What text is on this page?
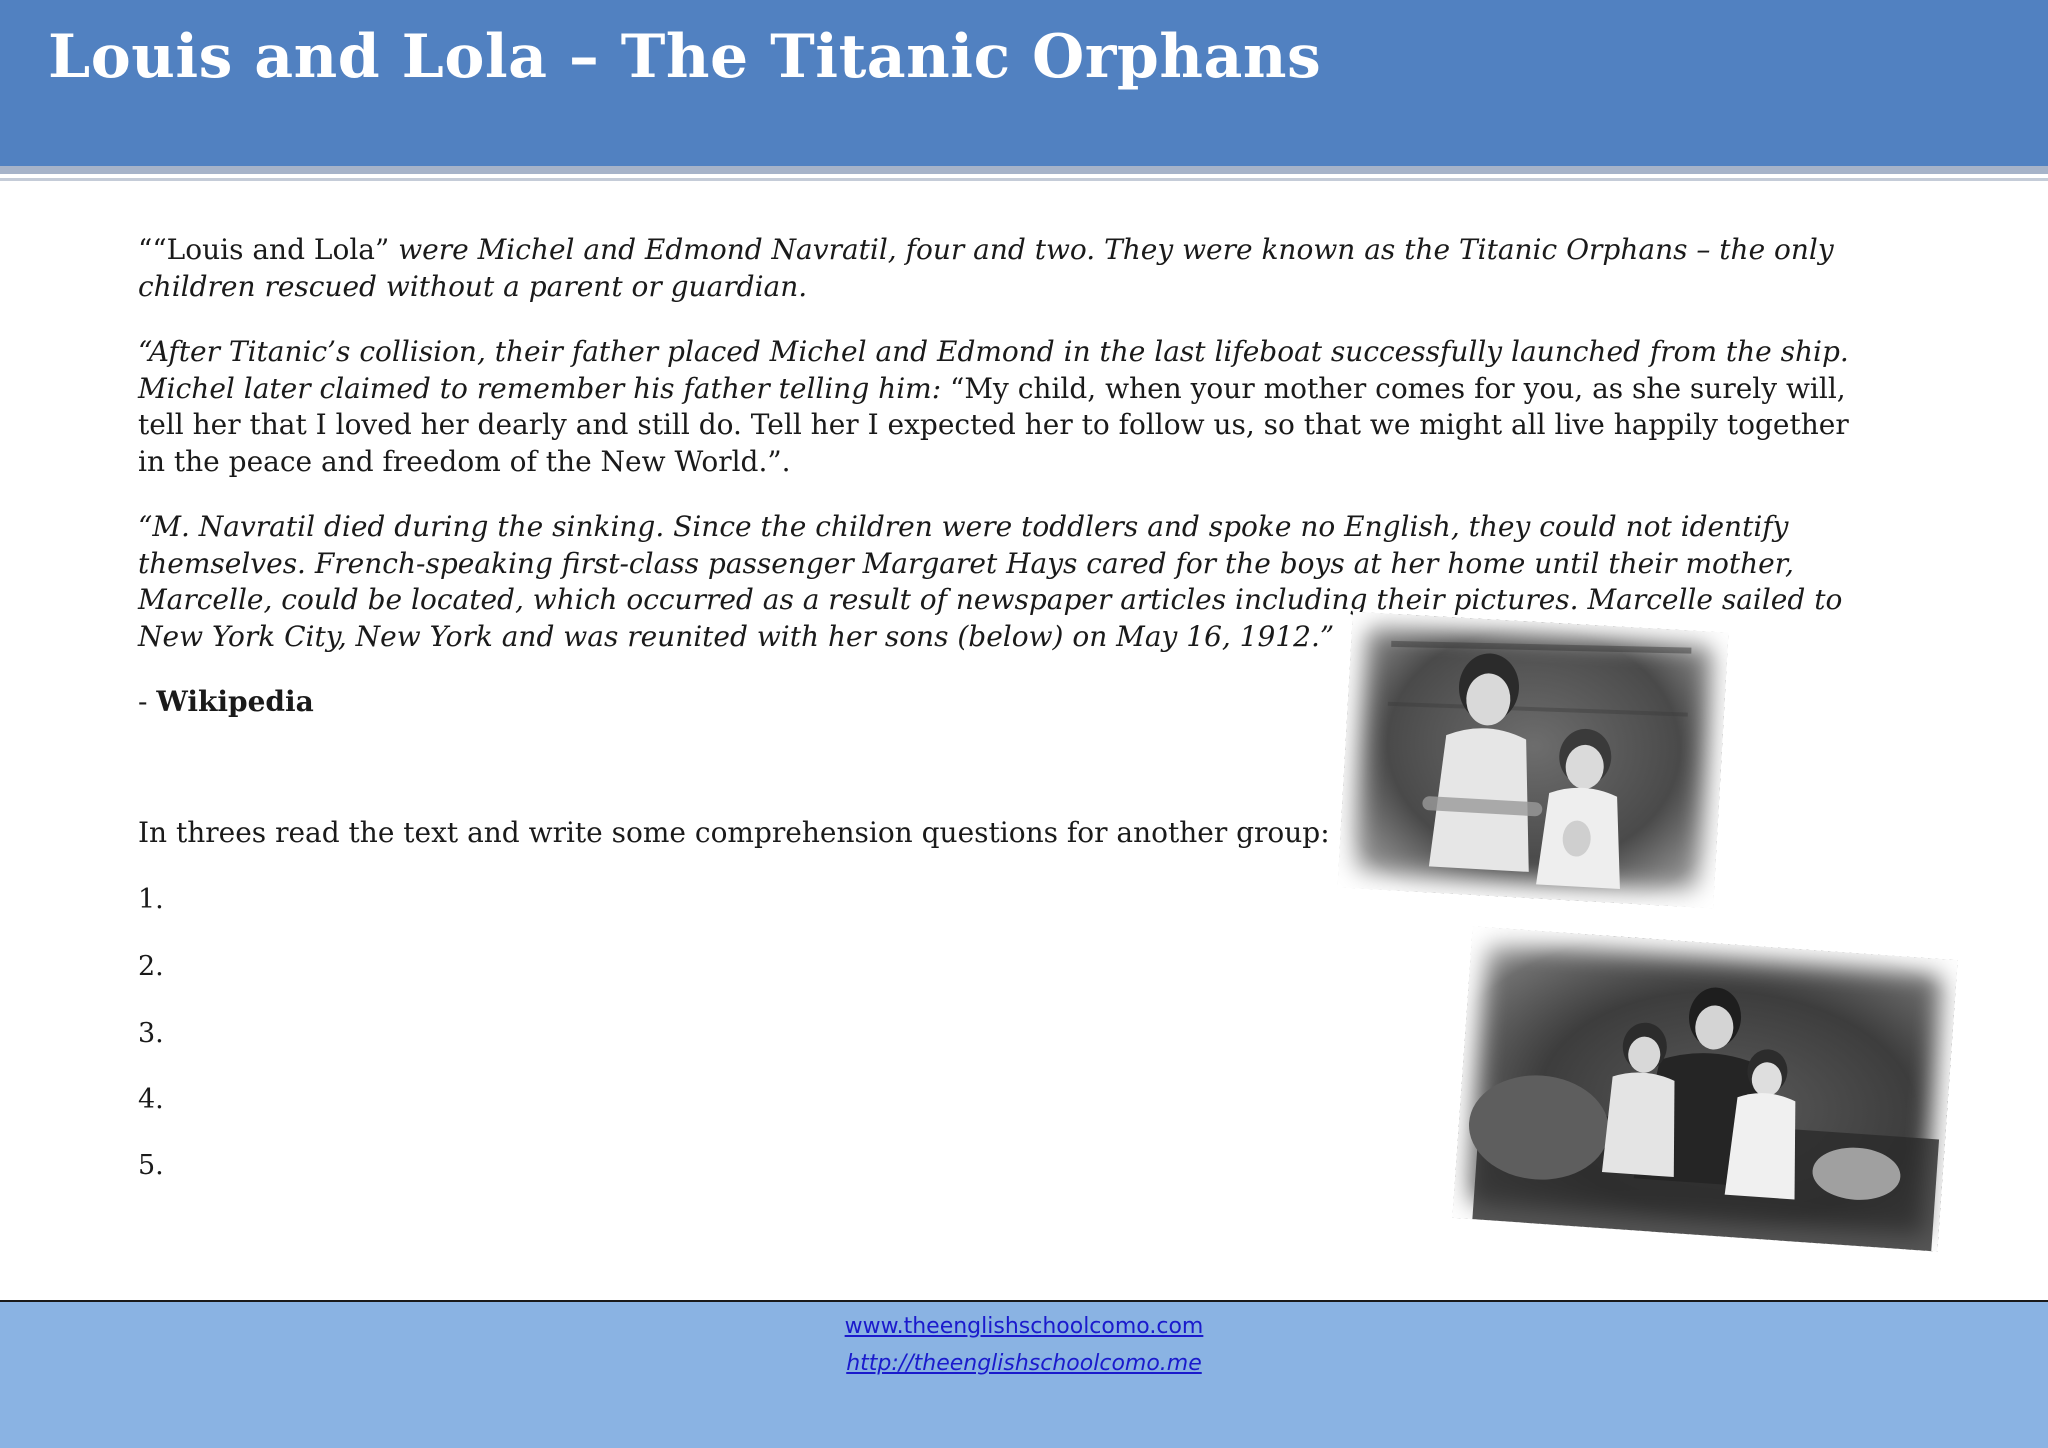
Louis and Lola – The Titanic Orphans

““Louis and Lola” were Michel and Edmond Navratil, four and two. They were known as the Titanic Orphans – the only children rescued without a parent or guardian.

“After Titanic’s collision, their father placed Michel and Edmond in the last lifeboat successfully launched from the ship. Michel later claimed to remember his father telling him: “My child, when your mother comes for you, as she surely will, tell her that I loved her dearly and still do. Tell her I expected her to follow us, so that we might all live happily together in the peace and freedom of the New World.”.

“M. Navratil died during the sinking. Since the children were toddlers and spoke no English, they could not identify themselves. French-speaking first-class passenger Margaret Hays cared for the boys at her home until their mother, Marcelle, could be located, which occurred as a result of newspaper articles including their pictures. Marcelle sailed to New York City, New York and was reunited with her sons (below) on May 16, 1912.”

- Wikipedia

In threes read the text and write some comprehension questions for another group:

1.

2.

3.

4.

5.

www.theenglishschoolcomo.com
http://theenglishschoolcomo.me
